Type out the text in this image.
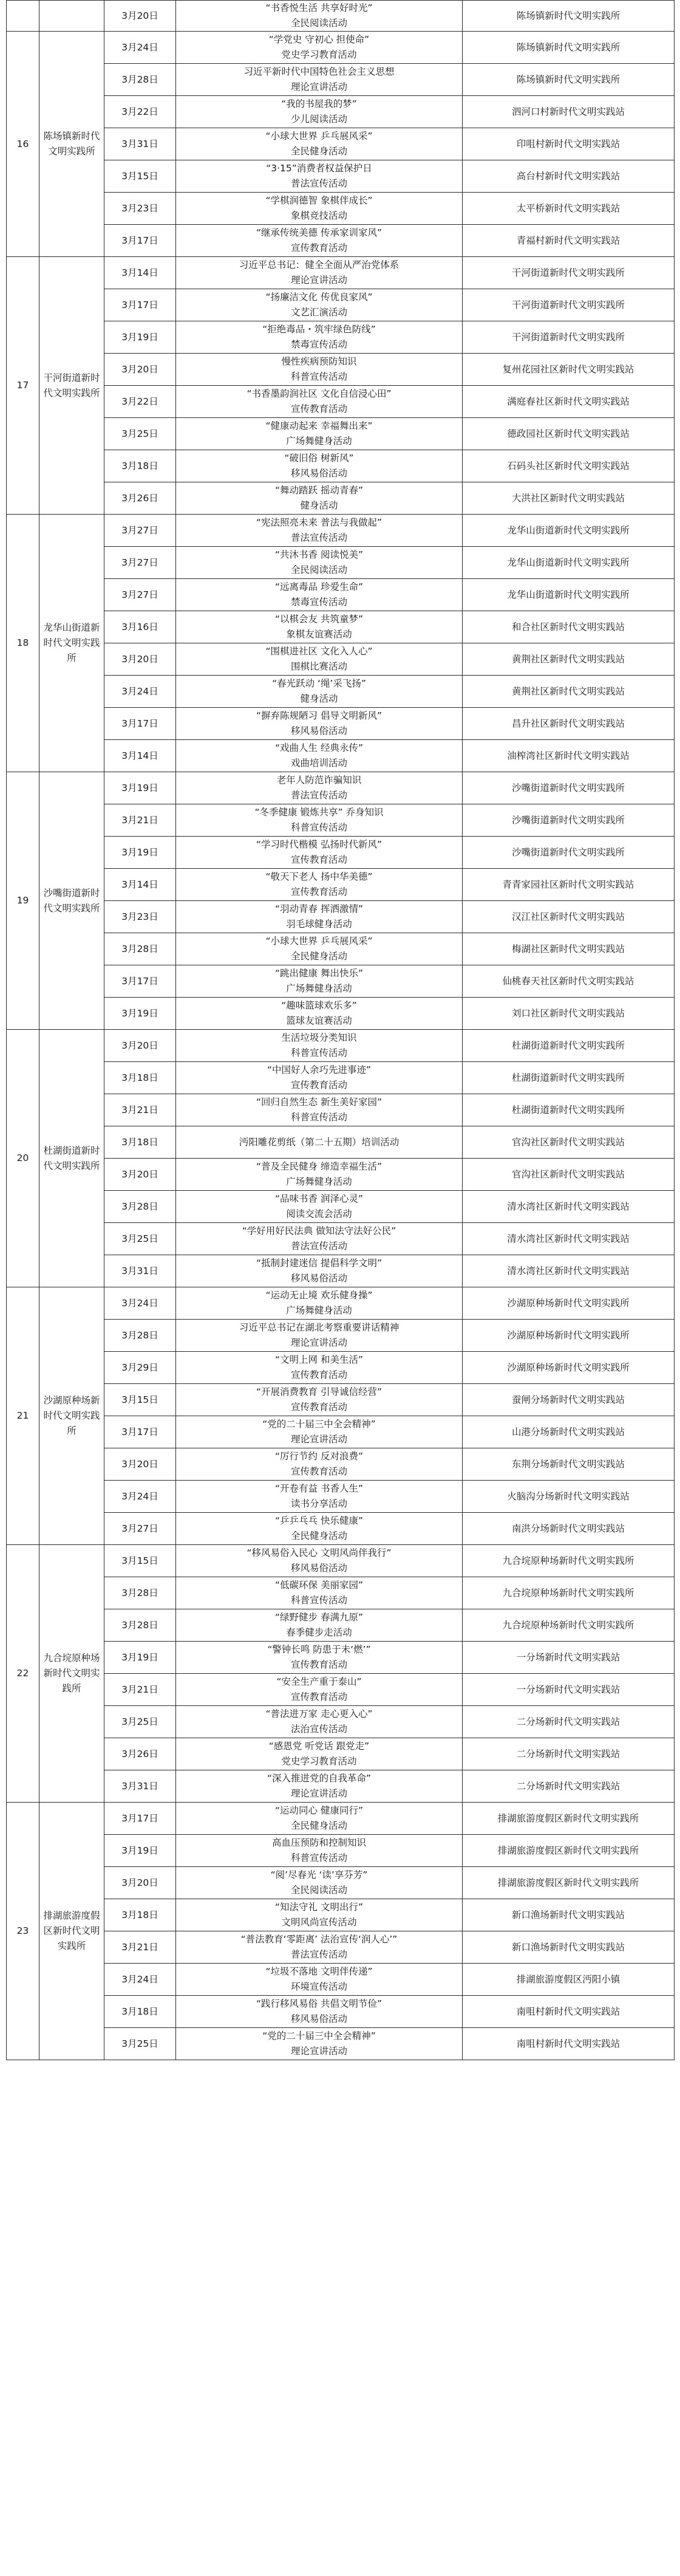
		3月20日	“书香悦生活 共享好时光”
全民阅读活动	陈场镇新时代文明实践所
16	陈场镇新时代文明实践所	3月24日	“学党史 守初心 担使命”
党史学习教育活动	陈场镇新时代文明实践所
		3月28日	习近平新时代中国特色社会主义思想
理论宣讲活动	陈场镇新时代文明实践所
		3月22日	“我的书屋我的梦”
少儿阅读活动	泗河口村新时代文明实践站
		3月31日	“小球大世界 乒乓展风采”
全民健身活动	印咀村新时代文明实践站
		3月15日	“3·15”消费者权益保护日
普法宣传活动	高台村新时代文明实践站
		3月23日	“学棋润德智 象棋伴成长”
象棋竞技活动	太平桥新时代文明实践站
		3月17日	“继承传统美德 传承家训家风”
宣传教育活动	青福村新时代文明实践站
17	干河街道新时代文明实践所	3月14日	习近平总书记：健全全面从严治党体系
理论宣讲活动	干河街道新时代文明实践所
		3月17日	“扬廉洁文化 传优良家风”
文艺汇演活动	干河街道新时代文明实践所
		3月19日	“拒绝毒品・筑牢绿色防线”
禁毒宣传活动	干河街道新时代文明实践所
		3月20日	慢性疾病预防知识
科普宣传活动	复州花园社区新时代文明实践站
		3月22日	“书香墨韵润社区 文化自信浸心田”
宣传教育活动	满庭春社区新时代文明实践站
		3月25日	“健康动起来 幸福舞出来”
广场舞健身活动	德政园社区新时代文明实践站
		3月18日	“破旧俗 树新风”
移风易俗活动	石码头社区新时代文明实践站
		3月26日	“舞动踏跃 摇动青春”
健身活动	大洪社区新时代文明实践站
18	龙华山街道新时代文明实践所	3月27日	“宪法照亮未来 普法与我做起”
普法宣传活动	龙华山街道新时代文明实践所
		3月27日	“共沐书香 阅读悦美”
全民阅读活动	龙华山街道新时代文明实践所
		3月27日	“远离毒品 珍爱生命”
禁毒宣传活动	龙华山街道新时代文明实践所
		3月16日	“以棋会友 共筑童梦”
象棋友谊赛活动	和合社区新时代文明实践站
		3月20日	“围棋进社区 文化入人心”
围棋比赛活动	黄荆社区新时代文明实践站
		3月24日	“春光跃动 ‘绳’采飞扬”
健身活动	黄荆社区新时代文明实践站
		3月17日	“摒弃陈规陋习 倡导文明新风”
移风易俗活动	昌升社区新时代文明实践站
		3月14日	“戏曲人生 经典永传”
戏曲培训活动	油榨湾社区新时代文明实践站
19	沙嘴街道新时代文明实践所	3月19日	老年人防范诈骗知识
普法宣传活动	沙嘴街道新时代文明实践所
		3月21日	“冬季健康 锻炼共享” 乔身知识
科普宣传活动	沙嘴街道新时代文明实践所
		3月19日	“学习时代楷模 弘扬时代新风”
宣传教育活动	沙嘴街道新时代文明实践所
		3月14日	“敬天下老人 扬中华美德”
宣传教育活动	青青家园社区新时代文明实践站
		3月23日	“羽动青春 挥洒激情”
羽毛球健身活动	汉江社区新时代文明实践站
		3月28日	“小球大世界 乒乓展风采”
全民健身活动	梅湖社区新时代文明实践站
		3月17日	“跳出健康 舞出快乐”
广场舞健身活动	仙桃春天社区新时代文明实践站
		3月19日	“趣味篮球欢乐多”
篮球友谊赛活动	刘口社区新时代文明实践站
20	杜湖街道新时代文明实践所	3月20日	生活垃圾分类知识
科普宣传活动	杜湖街道新时代文明实践所
		3月18日	“中国好人余巧先进事迹”
宣传教育活动	杜湖街道新时代文明实践所
		3月21日	“回归自然生态 新生美好家园”
科普宣传活动	杜湖街道新时代文明实践所
		3月18日	沔阳雕花剪纸（第二十五期）培训活动	官沟社区新时代文明实践站
		3月20日	“普及全民健身 缔造幸福生活”
广场舞健身活动	官沟社区新时代文明实践站
		3月28日	“品味书香 润泽心灵”
阅读交流会活动	清水湾社区新时代文明实践站
		3月25日	“学好用好民法典 做知法守法好公民”
普法宣传活动	清水湾社区新时代文明实践站
		3月31日	“抵制封建迷信 提倡科学文明”
移风易俗活动	清水湾社区新时代文明实践站
21	沙湖原种场新时代文明实践所	3月24日	“运动无止境 欢乐健身操”
广场舞健身活动	沙湖原种场新时代文明实践所
		3月28日	习近平总书记在湖北考察重要讲话精神
理论宣讲活动	沙湖原种场新时代文明实践所
		3月29日	“文明上网 和美生活”
宣传教育活动	沙湖原种场新时代文明实践所
		3月15日	“开展消费教育 引导诚信经营”
宣传教育活动	蚕闸分场新时代文明实践站
		3月17日	“党的二十届三中全会精神”
理论宣讲活动	山港分场新时代文明实践站
		3月20日	“厉行节约 反对浪费”
宣传教育活动	东荆分场新时代文明实践站
		3月24日	“开卷有益 书香人生”
读书分享活动	火脑沟分场新时代文明实践站
		3月27日	“乒乒乓乓 快乐健康”
全民健身活动	南洪分场新时代文明实践站
22	九合垸原种场新时代文明实践所	3月15日	“移风易俗入民心 文明风尚伴我行”
移风易俗活动	九合垸原种场新时代文明实践所
		3月28日	“低碳环保 美丽家园”
科普宣传活动	九合垸原种场新时代文明实践所
		3月28日	“绿野健步 春满九原”
春季健步走活动	九合垸原种场新时代文明实践所
		3月19日	“警钟长鸣 防患于未‘燃’”
宣传教育活动	一分场新时代文明实践站
		3月21日	“安全生产重于泰山”
宣传教育活动	一分场新时代文明实践站
		3月25日	“普法进万家 走心更入心”
法治宣传活动	二分场新时代文明实践站
		3月26日	“感恩党 听党话 跟党走”
党史学习教育活动	二分场新时代文明实践站
		3月31日	“深入推进党的自我革命”
理论宣讲活动	二分场新时代文明实践站
23	排湖旅游度假区新时代文明实践所	3月17日	“运动同心 健康同行”
全民健身活动	排湖旅游度假区新时代文明实践所
		3月19日	高血压预防和控制知识
科普宣传活动	排湖旅游度假区新时代文明实践所
		3月20日	“阅’尽春光 ‘读’享芬芳”
全民阅读活动	排湖旅游度假区新时代文明实践所
		3月18日	“知法守礼 文明出行”
文明风尚宣传活动	新口渔场新时代文明实践站
		3月21日	“普法教育‘零距离’ 法治宣传‘润人心’”
普法宣传活动	新口渔场新时代文明实践站
		3月24日	“垃圾不落地 文明伴传递”
环境宣传活动	排湖旅游度假区沔阳小镇
		3月18日	“践行移风易俗 共倡文明节俭”
移风易俗活动	南咀村新时代文明实践站
		3月25日	“党的二十届三中全会精神”
理论宣讲活动	南咀村新时代文明实践站
